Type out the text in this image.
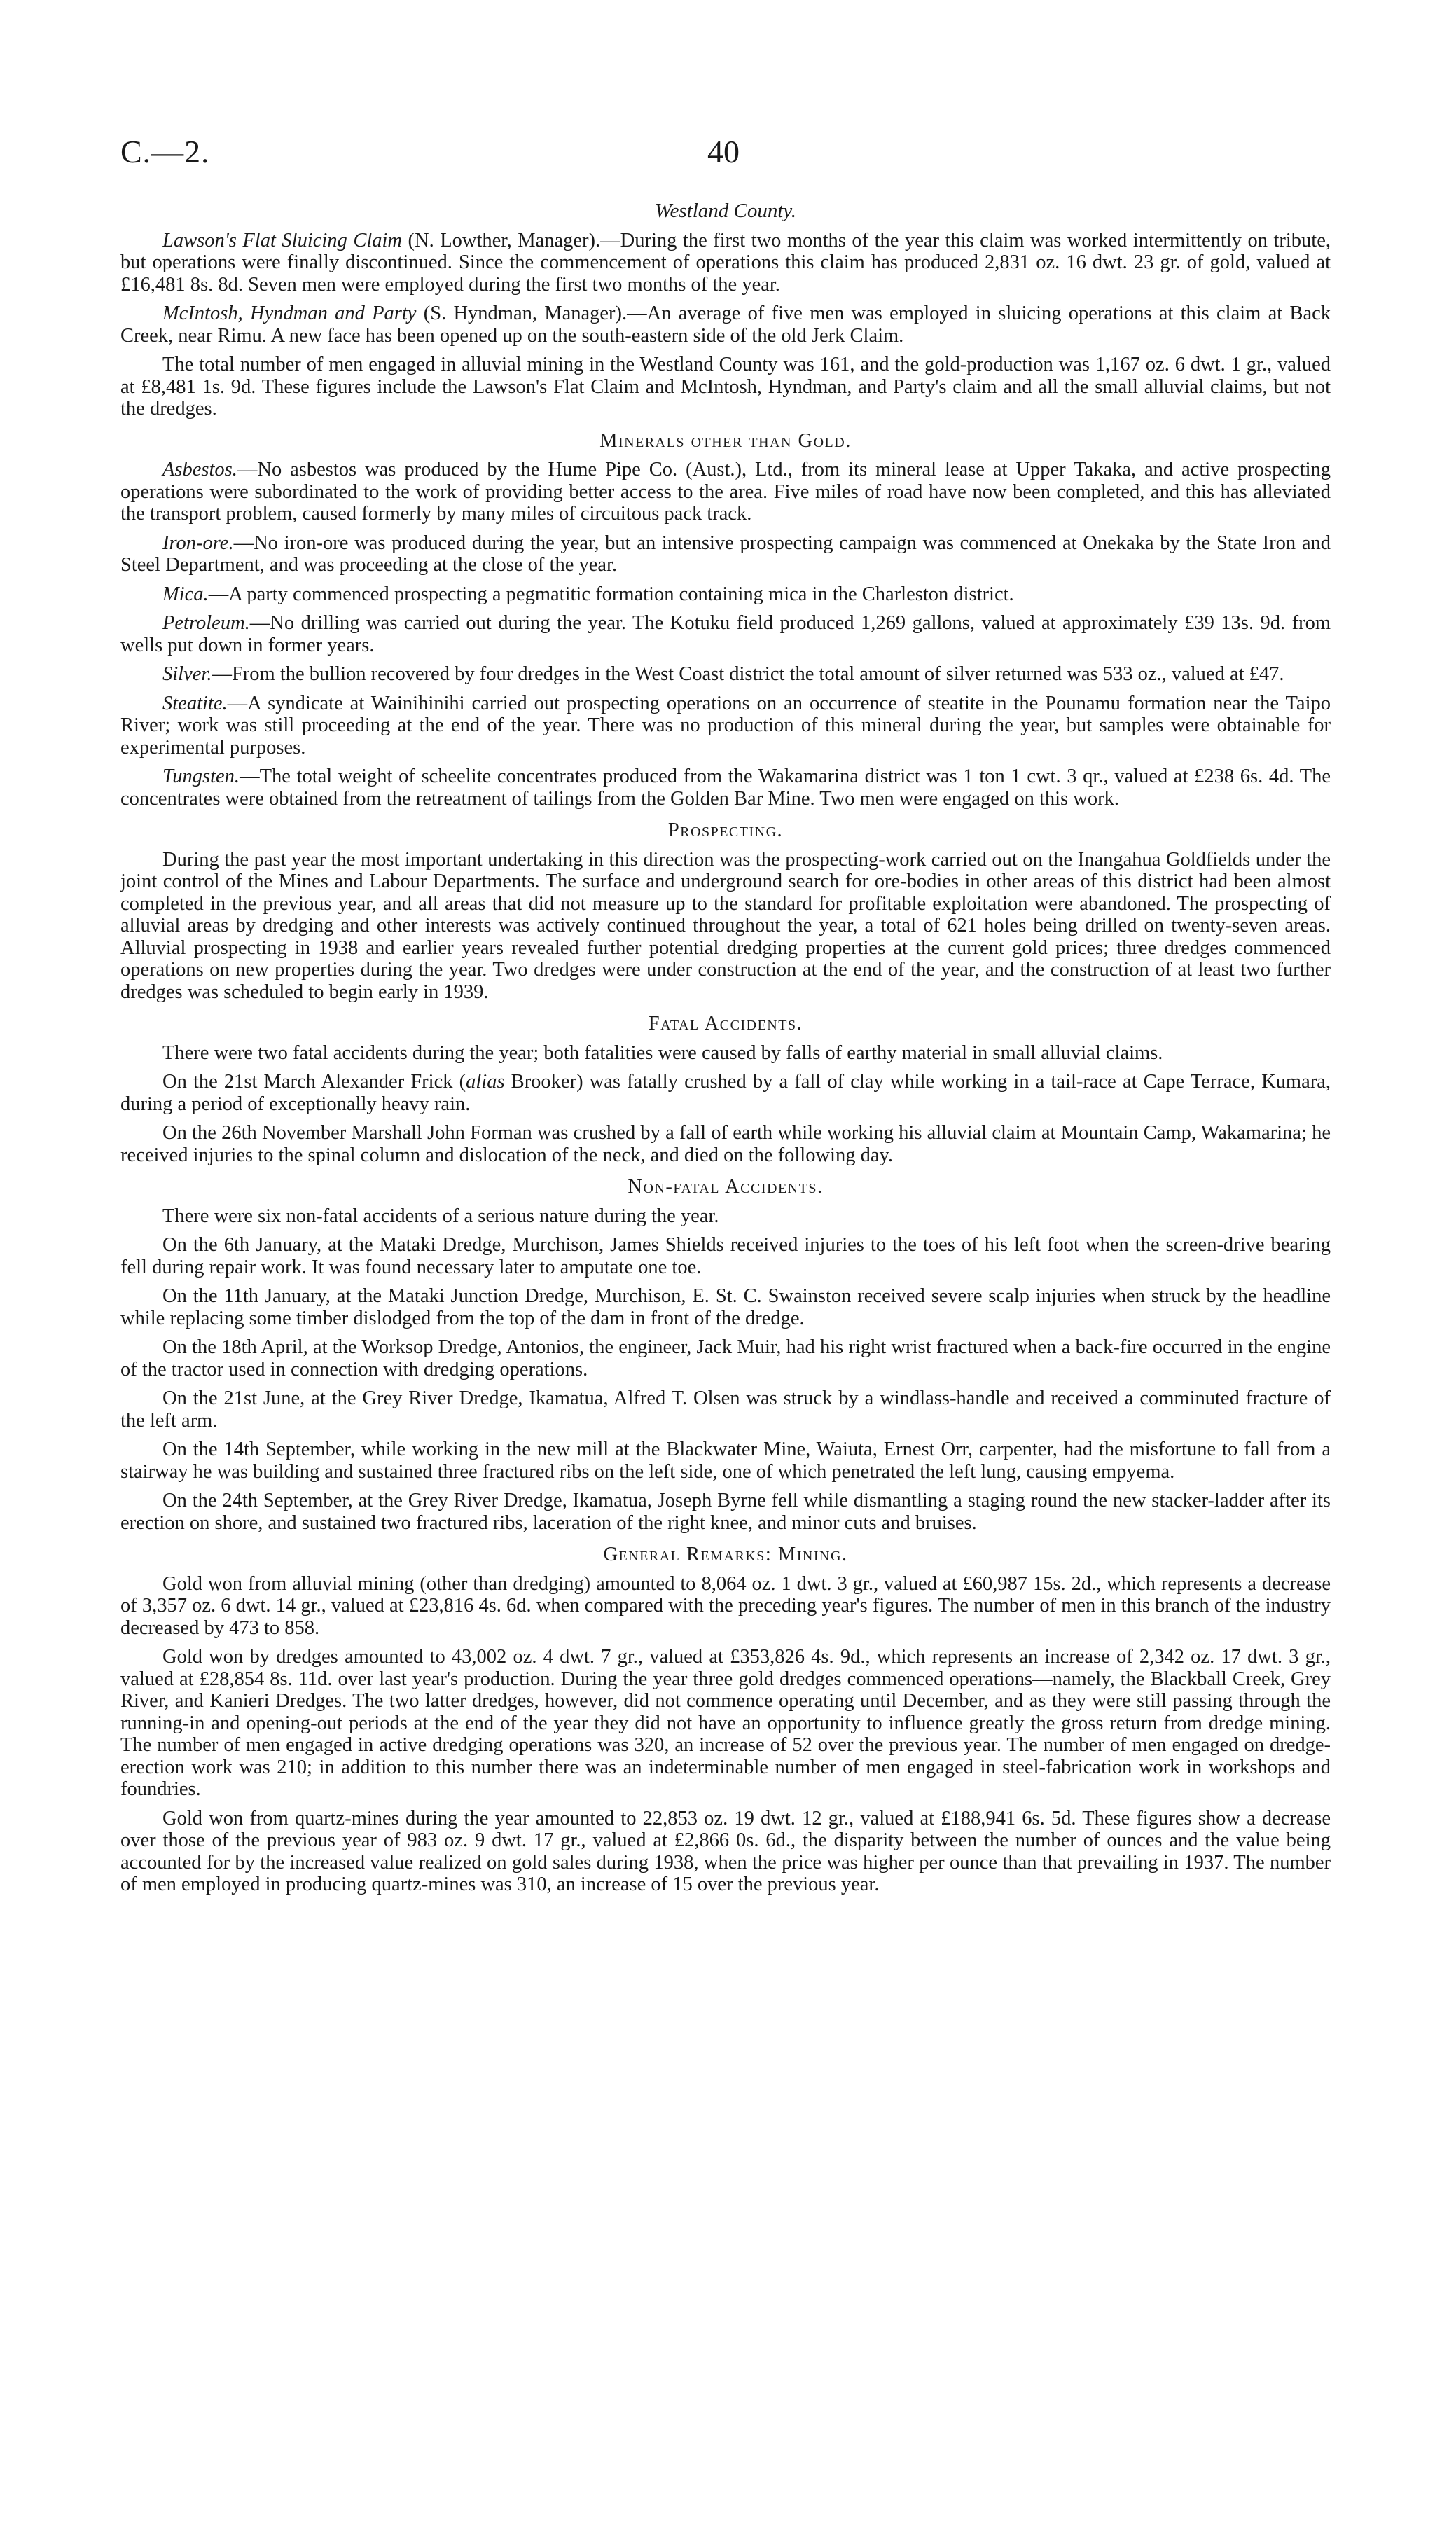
C.—2.	40
Westland County.

Lawson's Flat Sluicing Claim (N. Lowther, Manager).—During the first two months of the year this claim was worked intermittently on tribute, but operations were finally discontinued. Since the commencement of operations this claim has produced 2,831 oz. 16 dwt. 23 gr. of gold, valued at £16,481 8s. 8d. Seven men were employed during the first two months of the year.

McIntosh, Hyndman and Party (S. Hyndman, Manager).—An average of five men was employed in sluicing operations at this claim at Back Creek, near Rimu. A new face has been opened up on the south-eastern side of the old Jerk Claim.

The total number of men engaged in alluvial mining in the Westland County was 161, and the gold-production was 1,167 oz. 6 dwt. 1 gr., valued at £8,481 1s. 9d. These figures include the Lawson's Flat Claim and McIntosh, Hyndman, and Party's claim and all the small alluvial claims, but not the dredges.

Minerals other than Gold.

Asbestos.—No asbestos was produced by the Hume Pipe Co. (Aust.), Ltd., from its mineral lease at Upper Takaka, and active prospecting operations were subordinated to the work of providing better access to the area. Five miles of road have now been completed, and this has alleviated the transport problem, caused formerly by many miles of circuitous pack track.

Iron-ore.—No iron-ore was produced during the year, but an intensive prospecting campaign was commenced at Onekaka by the State Iron and Steel Department, and was proceeding at the close of the year.

Mica.—A party commenced prospecting a pegmatitic formation containing mica in the Charleston district.

Petroleum.—No drilling was carried out during the year. The Kotuku field produced 1,269 gallons, valued at approximately £39 13s. 9d. from wells put down in former years.

Silver.—From the bullion recovered by four dredges in the West Coast district the total amount of silver returned was 533 oz., valued at £47.

Steatite.—A syndicate at Wainihinihi carried out prospecting operations on an occurrence of steatite in the Pounamu formation near the Taipo River; work was still proceeding at the end of the year. There was no production of this mineral during the year, but samples were obtainable for experimental purposes.

Tungsten.—The total weight of scheelite concentrates produced from the Wakamarina district was 1 ton 1 cwt. 3 qr., valued at £238 6s. 4d. The concentrates were obtained from the retreatment of tailings from the Golden Bar Mine. Two men were engaged on this work.

Prospecting.

During the past year the most important undertaking in this direction was the prospecting-work carried out on the Inangahua Goldfields under the joint control of the Mines and Labour Departments. The surface and underground search for ore-bodies in other areas of this district had been almost completed in the previous year, and all areas that did not measure up to the standard for profitable exploitation were abandoned. The prospecting of alluvial areas by dredging and other interests was actively continued throughout the year, a total of 621 holes being drilled on twenty-seven areas. Alluvial prospecting in 1938 and earlier years revealed further potential dredging properties at the current gold prices; three dredges commenced operations on new properties during the year. Two dredges were under construction at the end of the year, and the construction of at least two further dredges was scheduled to begin early in 1939.

Fatal Accidents.

There were two fatal accidents during the year; both fatalities were caused by falls of earthy material in small alluvial claims.

On the 21st March Alexander Frick (alias Brooker) was fatally crushed by a fall of clay while working in a tail-race at Cape Terrace, Kumara, during a period of exceptionally heavy rain.

On the 26th November Marshall John Forman was crushed by a fall of earth while working his alluvial claim at Mountain Camp, Wakamarina; he received injuries to the spinal column and dislocation of the neck, and died on the following day.

Non-fatal Accidents.

There were six non-fatal accidents of a serious nature during the year.

On the 6th January, at the Mataki Dredge, Murchison, James Shields received injuries to the toes of his left foot when the screen-drive bearing fell during repair work. It was found necessary later to amputate one toe.

On the 11th January, at the Mataki Junction Dredge, Murchison, E. St. C. Swainston received severe scalp injuries when struck by the headline while replacing some timber dislodged from the top of the dam in front of the dredge.

On the 18th April, at the Worksop Dredge, Antonios, the engineer, Jack Muir, had his right wrist fractured when a back-fire occurred in the engine of the tractor used in connection with dredging operations.

On the 21st June, at the Grey River Dredge, Ikamatua, Alfred T. Olsen was struck by a windlass-handle and received a comminuted fracture of the left arm.

On the 14th September, while working in the new mill at the Blackwater Mine, Waiuta, Ernest Orr, carpenter, had the misfortune to fall from a stairway he was building and sustained three fractured ribs on the left side, one of which penetrated the left lung, causing empyema.

On the 24th September, at the Grey River Dredge, Ikamatua, Joseph Byrne fell while dismantling a staging round the new stacker-ladder after its erection on shore, and sustained two fractured ribs, laceration of the right knee, and minor cuts and bruises.

General Remarks: Mining.

Gold won from alluvial mining (other than dredging) amounted to 8,064 oz. 1 dwt. 3 gr., valued at £60,987 15s. 2d., which represents a decrease of 3,357 oz. 6 dwt. 14 gr., valued at £23,816 4s. 6d. when compared with the preceding year's figures. The number of men in this branch of the industry decreased by 473 to 858.

Gold won by dredges amounted to 43,002 oz. 4 dwt. 7 gr., valued at £353,826 4s. 9d., which represents an increase of 2,342 oz. 17 dwt. 3 gr., valued at £28,854 8s. 11d. over last year's production. During the year three gold dredges commenced operations—namely, the Blackball Creek, Grey River, and Kanieri Dredges. The two latter dredges, however, did not commence operating until December, and as they were still passing through the running-in and opening-out periods at the end of the year they did not have an opportunity to influence greatly the gross return from dredge mining. The number of men engaged in active dredging operations was 320, an increase of 52 over the previous year. The number of men engaged on dredge-erection work was 210; in addition to this number there was an indeterminable number of men engaged in steel-fabrication work in workshops and foundries.

Gold won from quartz-mines during the year amounted to 22,853 oz. 19 dwt. 12 gr., valued at £188,941 6s. 5d. These figures show a decrease over those of the previous year of 983 oz. 9 dwt. 17 gr., valued at £2,866 0s. 6d., the disparity between the number of ounces and the value being accounted for by the increased value realized on gold sales during 1938, when the price was higher per ounce than that prevailing in 1937. The number of men employed in producing quartz-mines was 310, an increase of 15 over the previous year.
